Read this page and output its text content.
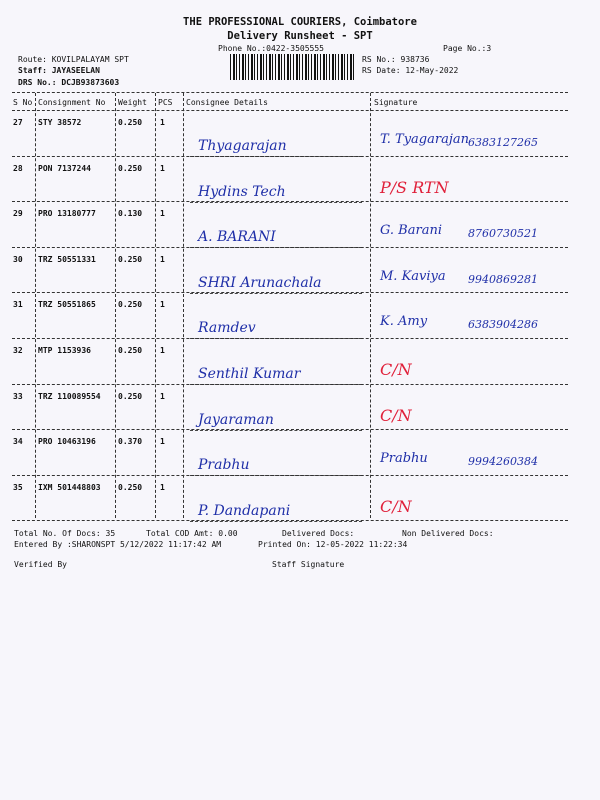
THE PROFESSIONAL COURIERS, Coimbatore
Delivery Runsheet - SPT
Phone No.:0422-3505555	Page No.:3
Route: KOVILPALAYAM SPT
Staff: JAYASEELAN
DRS No.: DCJB93873603
RS No.: 938736
RS Date: 12-May-2022
S No Consignment No Weight PCS Consignee Details	Signature
27 STY 38572	0.250 1
Thyagarajan	T. Tyagarajan 6383127265
28 PON 7137244	0.250 1
Hydins Tech	P/S RTN
29 PRO 13180777	0.130 1
A. BARANI	G. Barani 8760730521
30 TRZ 50551331	0.250 1
SHRI Arunachala	M. Kaviya 9940869281
31 TRZ 50551865	0.250 1
Ramdev	K. Amy	6383904286
32 MTP 1153936	0.250 1
Senthil Kumar	C/N
33 TRZ 110089554 0.250 1
Jayaraman	C/N
34 PRO 10463196	0.370 1
Prabhu	Prabhu	9994260384
35 IXM 501448803 0.250 1
P. Dandapani	C/N
Total No. Of Docs: 35	Total COD Amt: 0.00	Delivered Docs:	Non Delivered Docs:
Entered By :SHARONSPT 5/12/2022 11:17:42 AM	Printed On: 12-05-2022 11:22:34
Verified By	Staff Signature
